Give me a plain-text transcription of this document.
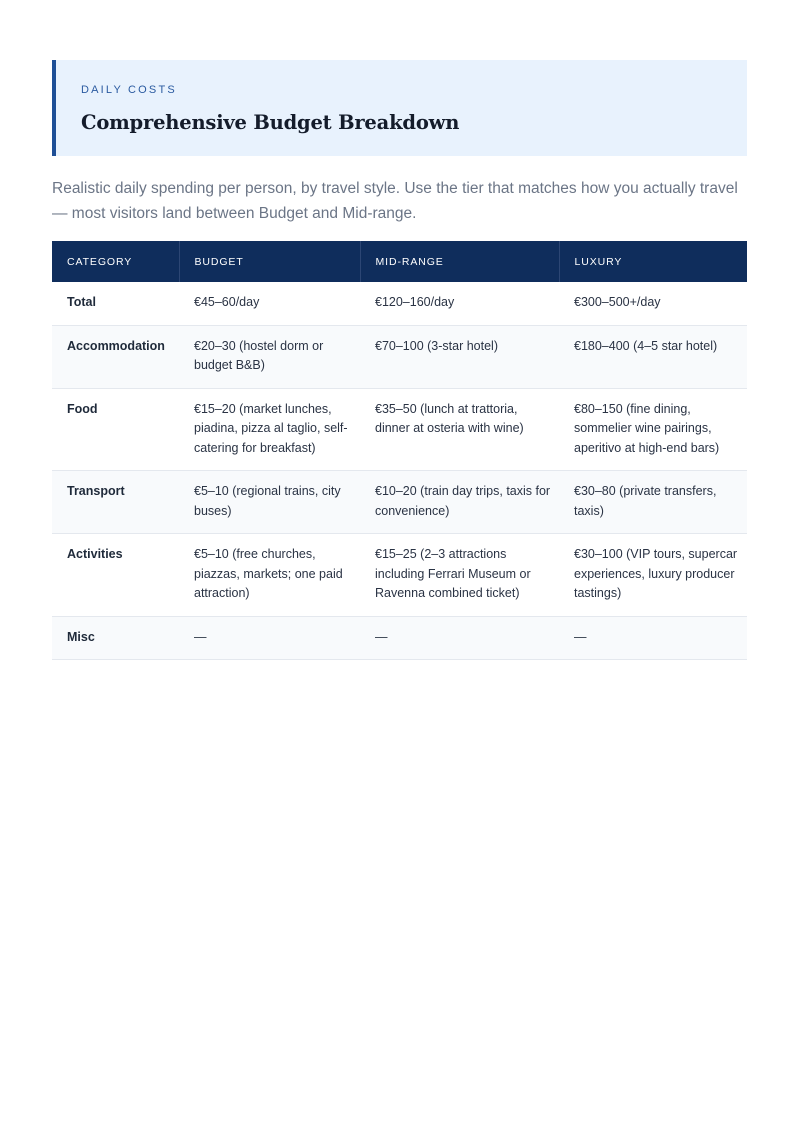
DAILY COSTS

Comprehensive Budget Breakdown

Realistic daily spending per person, by travel style. Use the tier that matches how you actually travel — most visitors land between Budget and Mid-range.

CATEGORY	BUDGET	MID-RANGE	LUXURY
Total	€45–60/day	€120–160/day	€300–500+/day
Accommodation	€20–30 (hostel dorm or budget B&B)	€70–100 (3-star hotel)	€180–400 (4–5 star hotel)
Food	€15–20 (market lunches, piadina, pizza al taglio, self-catering for breakfast)	€35–50 (lunch at trattoria, dinner at osteria with wine)	€80–150 (fine dining, sommelier wine pairings, aperitivo at high-end bars)
Transport	€5–10 (regional trains, city buses)	€10–20 (train day trips, taxis for convenience)	€30–80 (private transfers, taxis)
Activities	€5–10 (free churches, piazzas, markets; one paid attraction)	€15–25 (2–3 attractions including Ferrari Museum or Ravenna combined ticket)	€30–100 (VIP tours, supercar experiences, luxury producer tastings)
Misc	—	—	—
